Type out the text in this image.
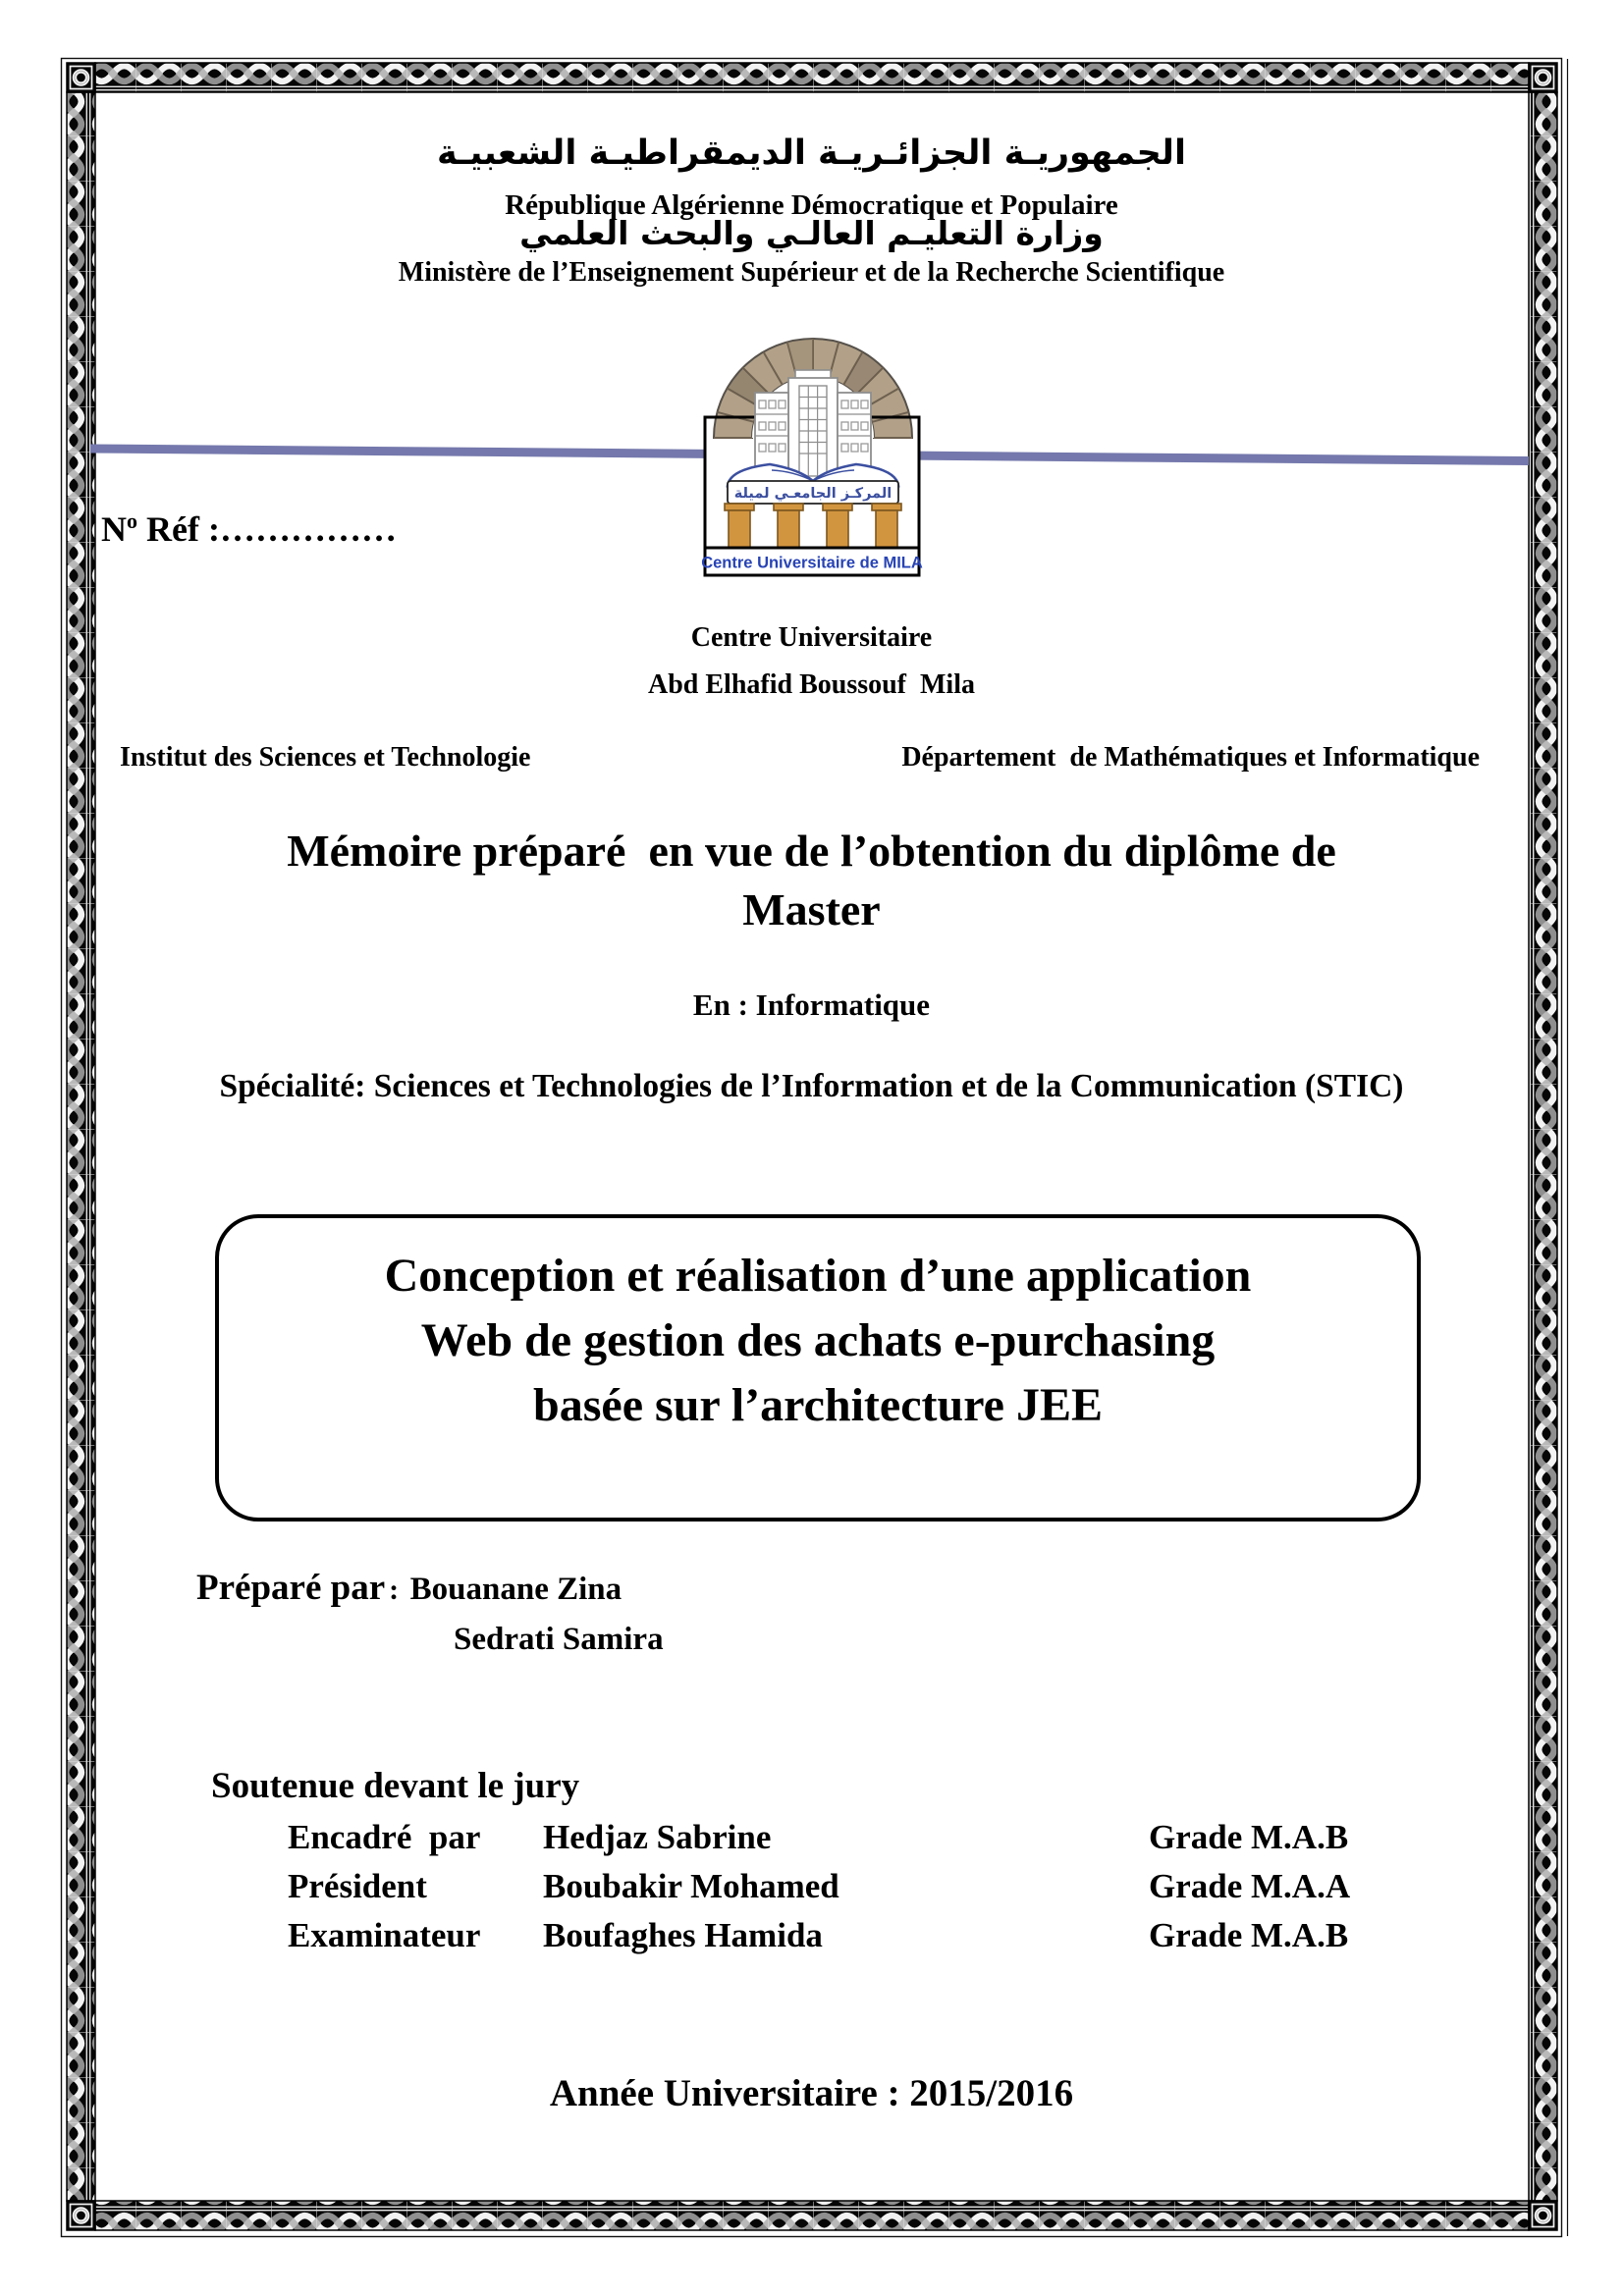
الجمهوريـة الجزائـريـة الديمقراطيـة الشعبيـة
République Algérienne Démocratique et Populaire
وزارة التعليـم العالـي والبحث العلمي
Ministère de l’Enseignement Supérieur et de la Recherche Scientifique
المركـز الجامعـي لميلة
Centre Universitaire de MILA
$N^o$ Réf :……………
Centre Universitaire
Abd Elhafid Boussouf  Mila
Institut des Sciences et Technologie	Département  de Mathématiques et Informatique
Mémoire préparé  en vue de l’obtention du diplôme de
Master
En : Informatique
Spécialité: Sciences et Technologies de l’Information et de la Communication (STIC)
Conception et réalisation d’une application
Web de gestion des achats e-purchasing
basée sur l’architecture JEE
Préparé par :  Bouanane Zina
Sedrati Samira
Soutenue devant le jury
Encadré  par Hedjaz Sabrine	Grade M.A.B
Président	Boubakir Mohamed	Grade M.A.A
Examinateur Boufaghes Hamida	Grade M.A.B
Année Universitaire : 2015/2016
